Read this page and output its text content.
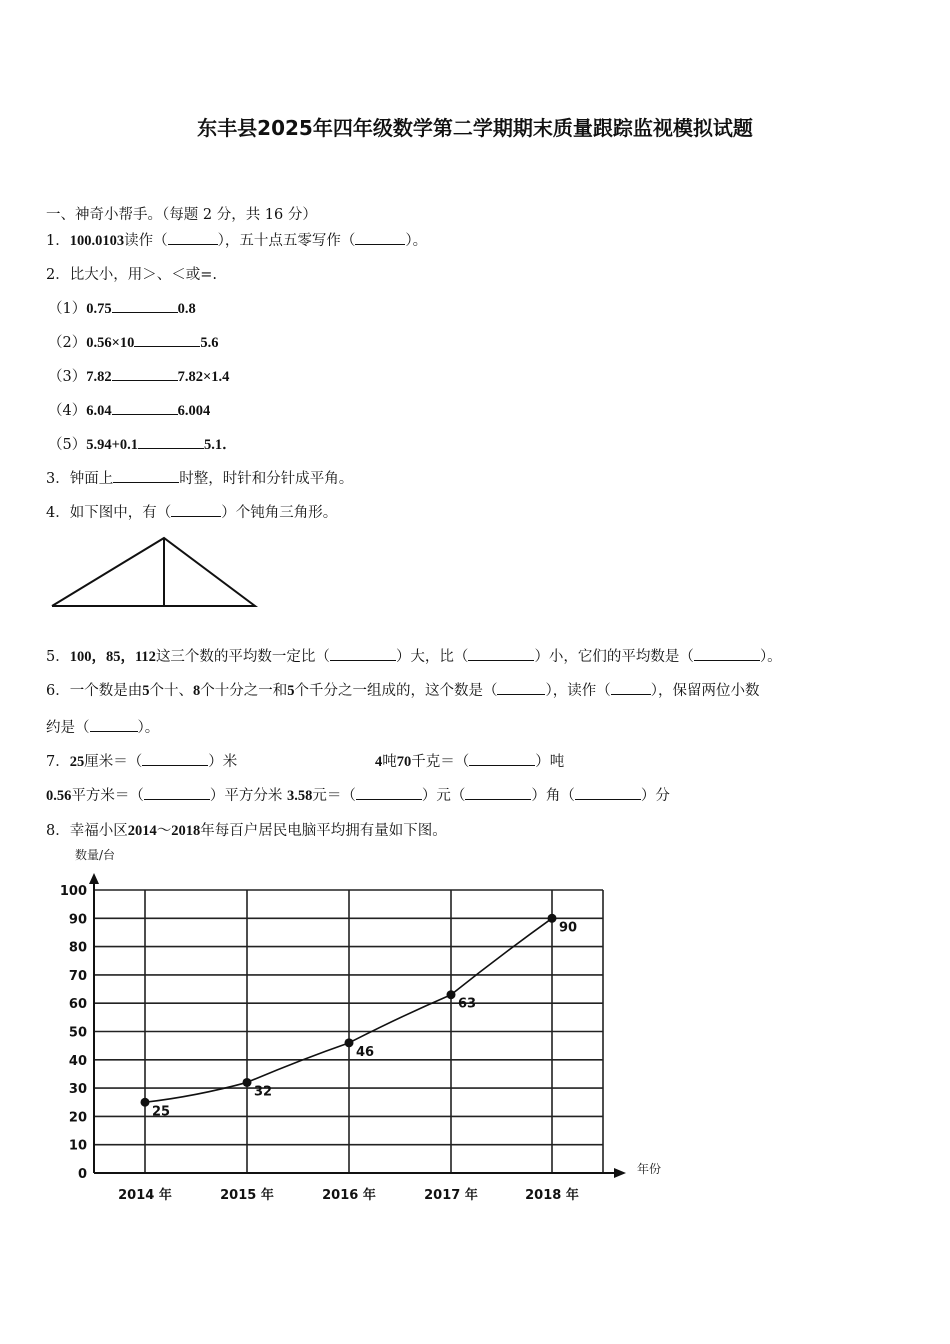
东丰县2025年四年级数学第二学期期末质量跟踪监视模拟试题
一、神奇小帮手。（每题 2 分，共 16 分）
1．100.0103读作（	），五十点五零写作（	）。
2．比大小，用＞、＜或=.
（1）0.75	0.8
（2）0.56×10	5.6
（3）7.82	7.82×1.4
（4）6.04	6.004
（5）5.94+0.1	5.1．
3．钟面上	时整，时针和分针成平角。
4．如下图中，有（	）个钝角三角形。
5．100，85，112这三个数的平均数一定比（	）大，比（	）小，它们的平均数是（	）。
6．一个数是由5个十、8个十分之一和5个千分之一组成的，这个数是（	），读作（	），保留两位小数
约是（	）。
7．25厘米＝（	）米	4吨70千克＝（	）吨
0.56平方米＝（	）平方分米 3.58元＝（	）元（	）角（	）分
8．幸福小区2014～2018年每百户居民电脑平均拥有量如下图。
数量/台
年份
0
10
20
30
40
50
60
70
80
90
100
2014 年	2015 年	2016 年	2017 年	2018 年
25
32
46
63
90
